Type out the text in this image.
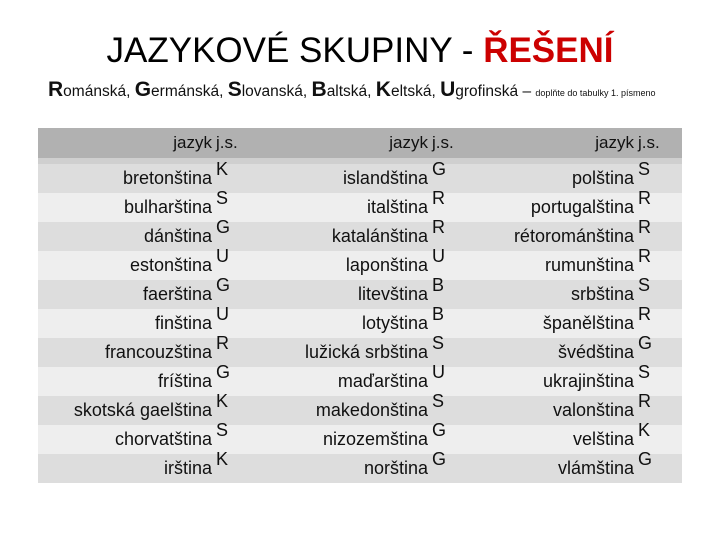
JAZYKOVÉ SKUPINY - ŘEŠENÍ
Románská, Germánská, Slovanská, Baltská, Keltská, Ugrofinská – doplňte do tabulky 1. písmeno
jazyk j.s.
bretonština K
bulharština S
dánština G
estonština U
faerština G
finština U
francouzština R
fríština G
skotská gaelština K
chorvatština S
irština K
jazyk j.s.
islandština G
italština R
katalánština R
laponština U
litevština B
lotyština B
lužická srbština S
maďarština U
makedonština S
nizozemština G
norština G
jazyk j.s.
polština S
portugalština R
rétorománština R
rumunština R
srbština S
španělština R
švédština G
ukrajinština S
valonština R
velština K
vlámština G
